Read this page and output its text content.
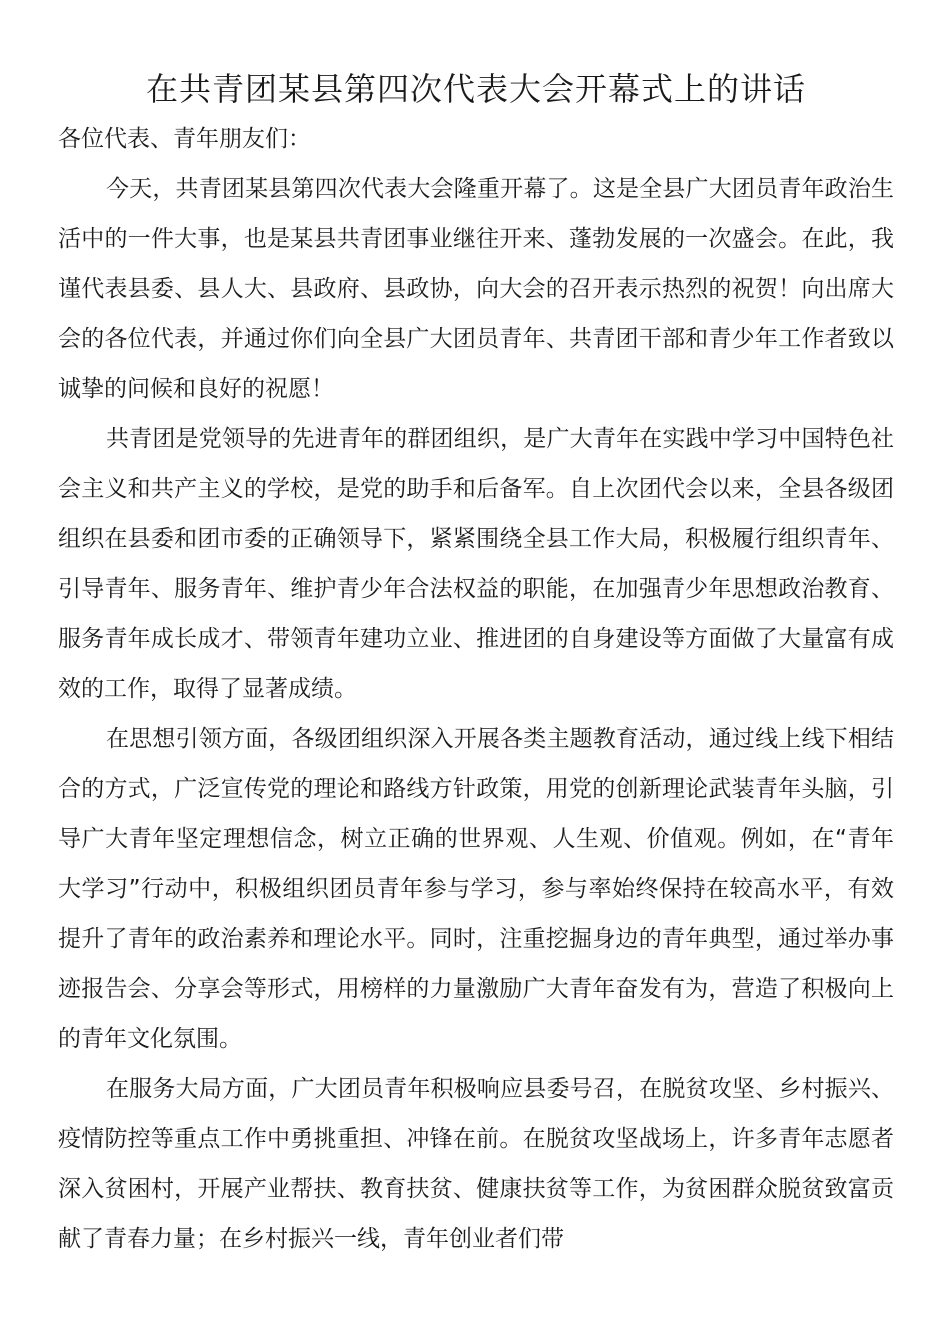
在共青团某县第四次代表大会开幕式上的讲话

各位代表、青年朋友们：

今天，共青团某县第四次代表大会隆重开幕了。这是全县广大团员青年政治生活中的一件大事，也是某县共青团事业继往开来、蓬勃发展的一次盛会。在此，我谨代表县委、县人大、县政府、县政协，向大会的召开表示热烈的祝贺！向出席大会的各位代表，并通过你们向全县广大团员青年、共青团干部和青少年工作者致以诚挚的问候和良好的祝愿！

共青团是党领导的先进青年的群团组织，是广大青年在实践中学习中国特色社会主义和共产主义的学校，是党的助手和后备军。自上次团代会以来，全县各级团组织在县委和团市委的正确领导下，紧紧围绕全县工作大局，积极履行组织青年、引导青年、服务青年、维护青少年合法权益的职能，在加强青少年思想政治教育、服务青年成长成才、带领青年建功立业、推进团的自身建设等方面做了大量富有成效的工作，取得了显著成绩。

在思想引领方面，各级团组织深入开展各类主题教育活动，通过线上线下相结合的方式，广泛宣传党的理论和路线方针政策，用党的创新理论武装青年头脑，引导广大青年坚定理想信念，树立正确的世界观、人生观、价值观。例如，在“青年大学习”行动中，积极组织团员青年参与学习，参与率始终保持在较高水平，有效提升了青年的政治素养和理论水平。同时，注重挖掘身边的青年典型，通过举办事迹报告会、分享会等形式，用榜样的力量激励广大青年奋发有为，营造了积极向上的青年文化氛围。

在服务大局方面，广大团员青年积极响应县委号召，在脱贫攻坚、乡村振兴、疫情防控等重点工作中勇挑重担、冲锋在前。在脱贫攻坚战场上，许多青年志愿者深入贫困村，开展产业帮扶、教育扶贫、健康扶贫等工作，为贫困群众脱贫致富贡献了青春力量；在乡村振兴一线，青年创业者们带
